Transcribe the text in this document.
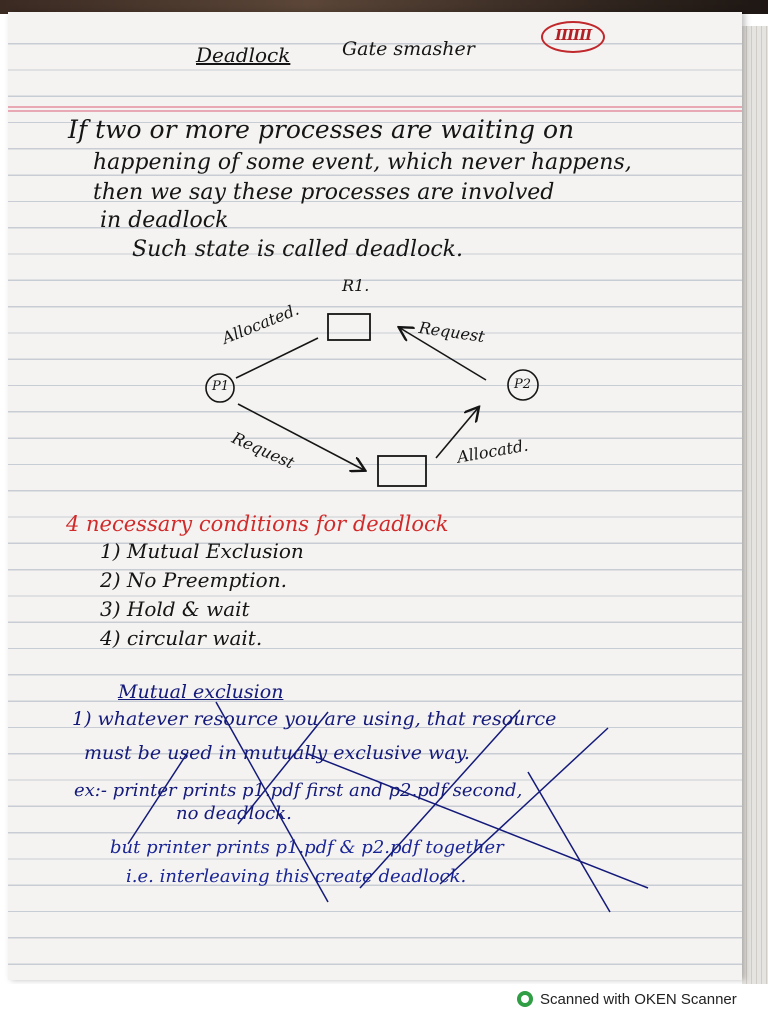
Deadlock	Gate smasher
IIIIII
If two or more processes are waiting on
happening of some event, which never happens,
then we say these processes are involved
in deadlock
Such state is called deadlock.
R1.
P1	P2
Allocated.	Request
Request	Allocatd.
4 necessary conditions for deadlock
1) Mutual Exclusion
2) No Preemption.
3) Hold & wait
4) circular wait.
Mutual exclusion
1) whatever resource you are using, that resource
must be used in mutually exclusive way.
ex:- printer prints p1.pdf first and p2.pdf second,
no deadlock.
but printer prints p1.pdf & p2.pdf together
i.e. interleaving this create deadlock.
Scanned with OKEN Scanner
